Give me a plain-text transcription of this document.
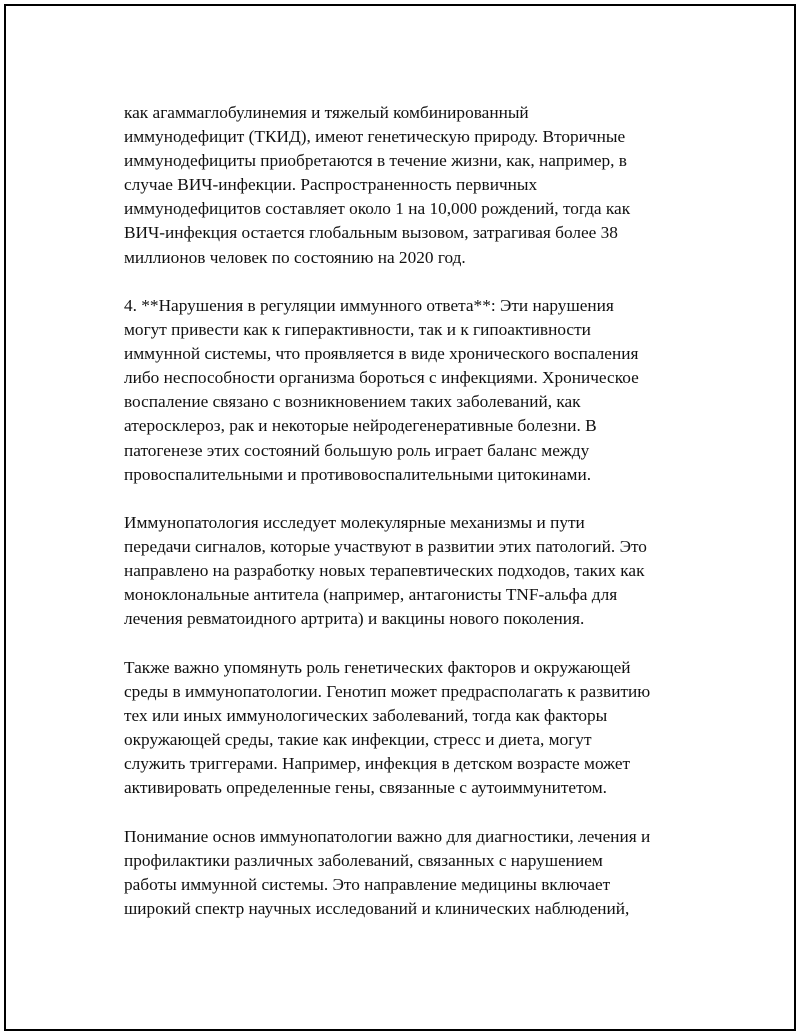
как агаммаглобулинемия и тяжелый комбинированный
иммунодефицит (ТКИД), имеют генетическую природу. Вторичные
иммунодефициты приобретаются в течение жизни, как, например, в
случае ВИЧ-инфекции. Распространенность первичных
иммунодефицитов составляет около 1 на 10,000 рождений, тогда как
ВИЧ-инфекция остается глобальным вызовом, затрагивая более 38
миллионов человек по состоянию на 2020 год.

4. **Нарушения в регуляции иммунного ответа**: Эти нарушения
могут привести как к гиперактивности, так и к гипоактивности
иммунной системы, что проявляется в виде хронического воспаления
либо неспособности организма бороться с инфекциями. Хроническое
воспаление связано с возникновением таких заболеваний, как
атеросклероз, рак и некоторые нейродегенеративные болезни. В
патогенезе этих состояний большую роль играет баланс между
провоспалительными и противовоспалительными цитокинами.

Иммунопатология исследует молекулярные механизмы и пути
передачи сигналов, которые участвуют в развитии этих патологий. Это
направлено на разработку новых терапевтических подходов, таких как
моноклональные антитела (например, антагонисты TNF-альфа для
лечения ревматоидного артрита) и вакцины нового поколения.

Также важно упомянуть роль генетических факторов и окружающей
среды в иммунопатологии. Генотип может предрасполагать к развитию
тех или иных иммунологических заболеваний, тогда как факторы
окружающей среды, такие как инфекции, стресс и диета, могут
служить триггерами. Например, инфекция в детском возрасте может
активировать определенные гены, связанные с аутоиммунитетом.

Понимание основ иммунопатологии важно для диагностики, лечения и
профилактики различных заболеваний, связанных с нарушением
работы иммунной системы. Это направление медицины включает
широкий спектр научных исследований и клинических наблюдений,
